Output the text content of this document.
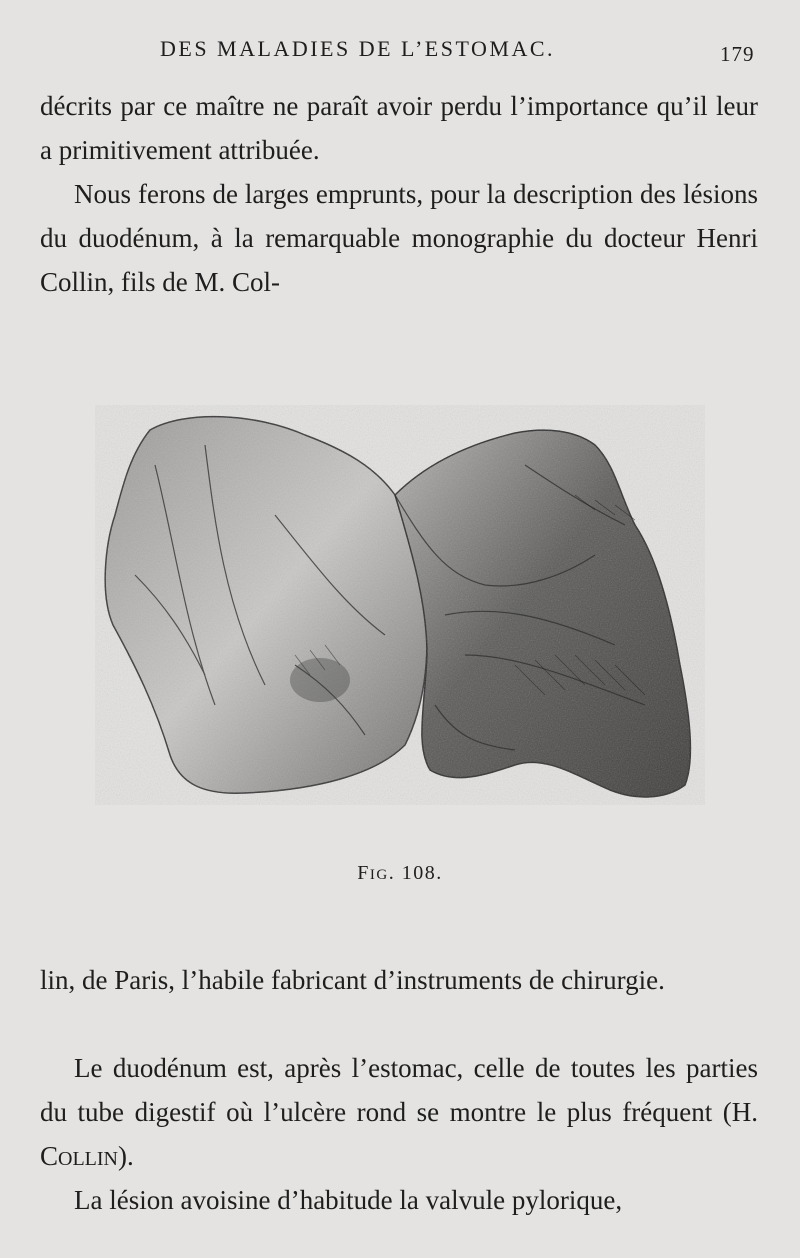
DES MALADIES DE L’ESTOMAC.	179

décrits par ce maître ne paraît avoir perdu l’importance qu’il leur a primitivement attribuée.

Nous ferons de larges emprunts, pour la description des lésions du duodénum, à la remarquable monographie du docteur Henri Collin, fils de M. Col-

FIG. 108.

lin, de Paris, l’habile fabricant d’instruments de chirurgie.

Le duodénum est, après l’estomac, celle de toutes les parties du tube digestif où l’ulcère rond se montre le plus fréquent (H. COLLIN).

La lésion avoisine d’habitude la valvule pylorique,
